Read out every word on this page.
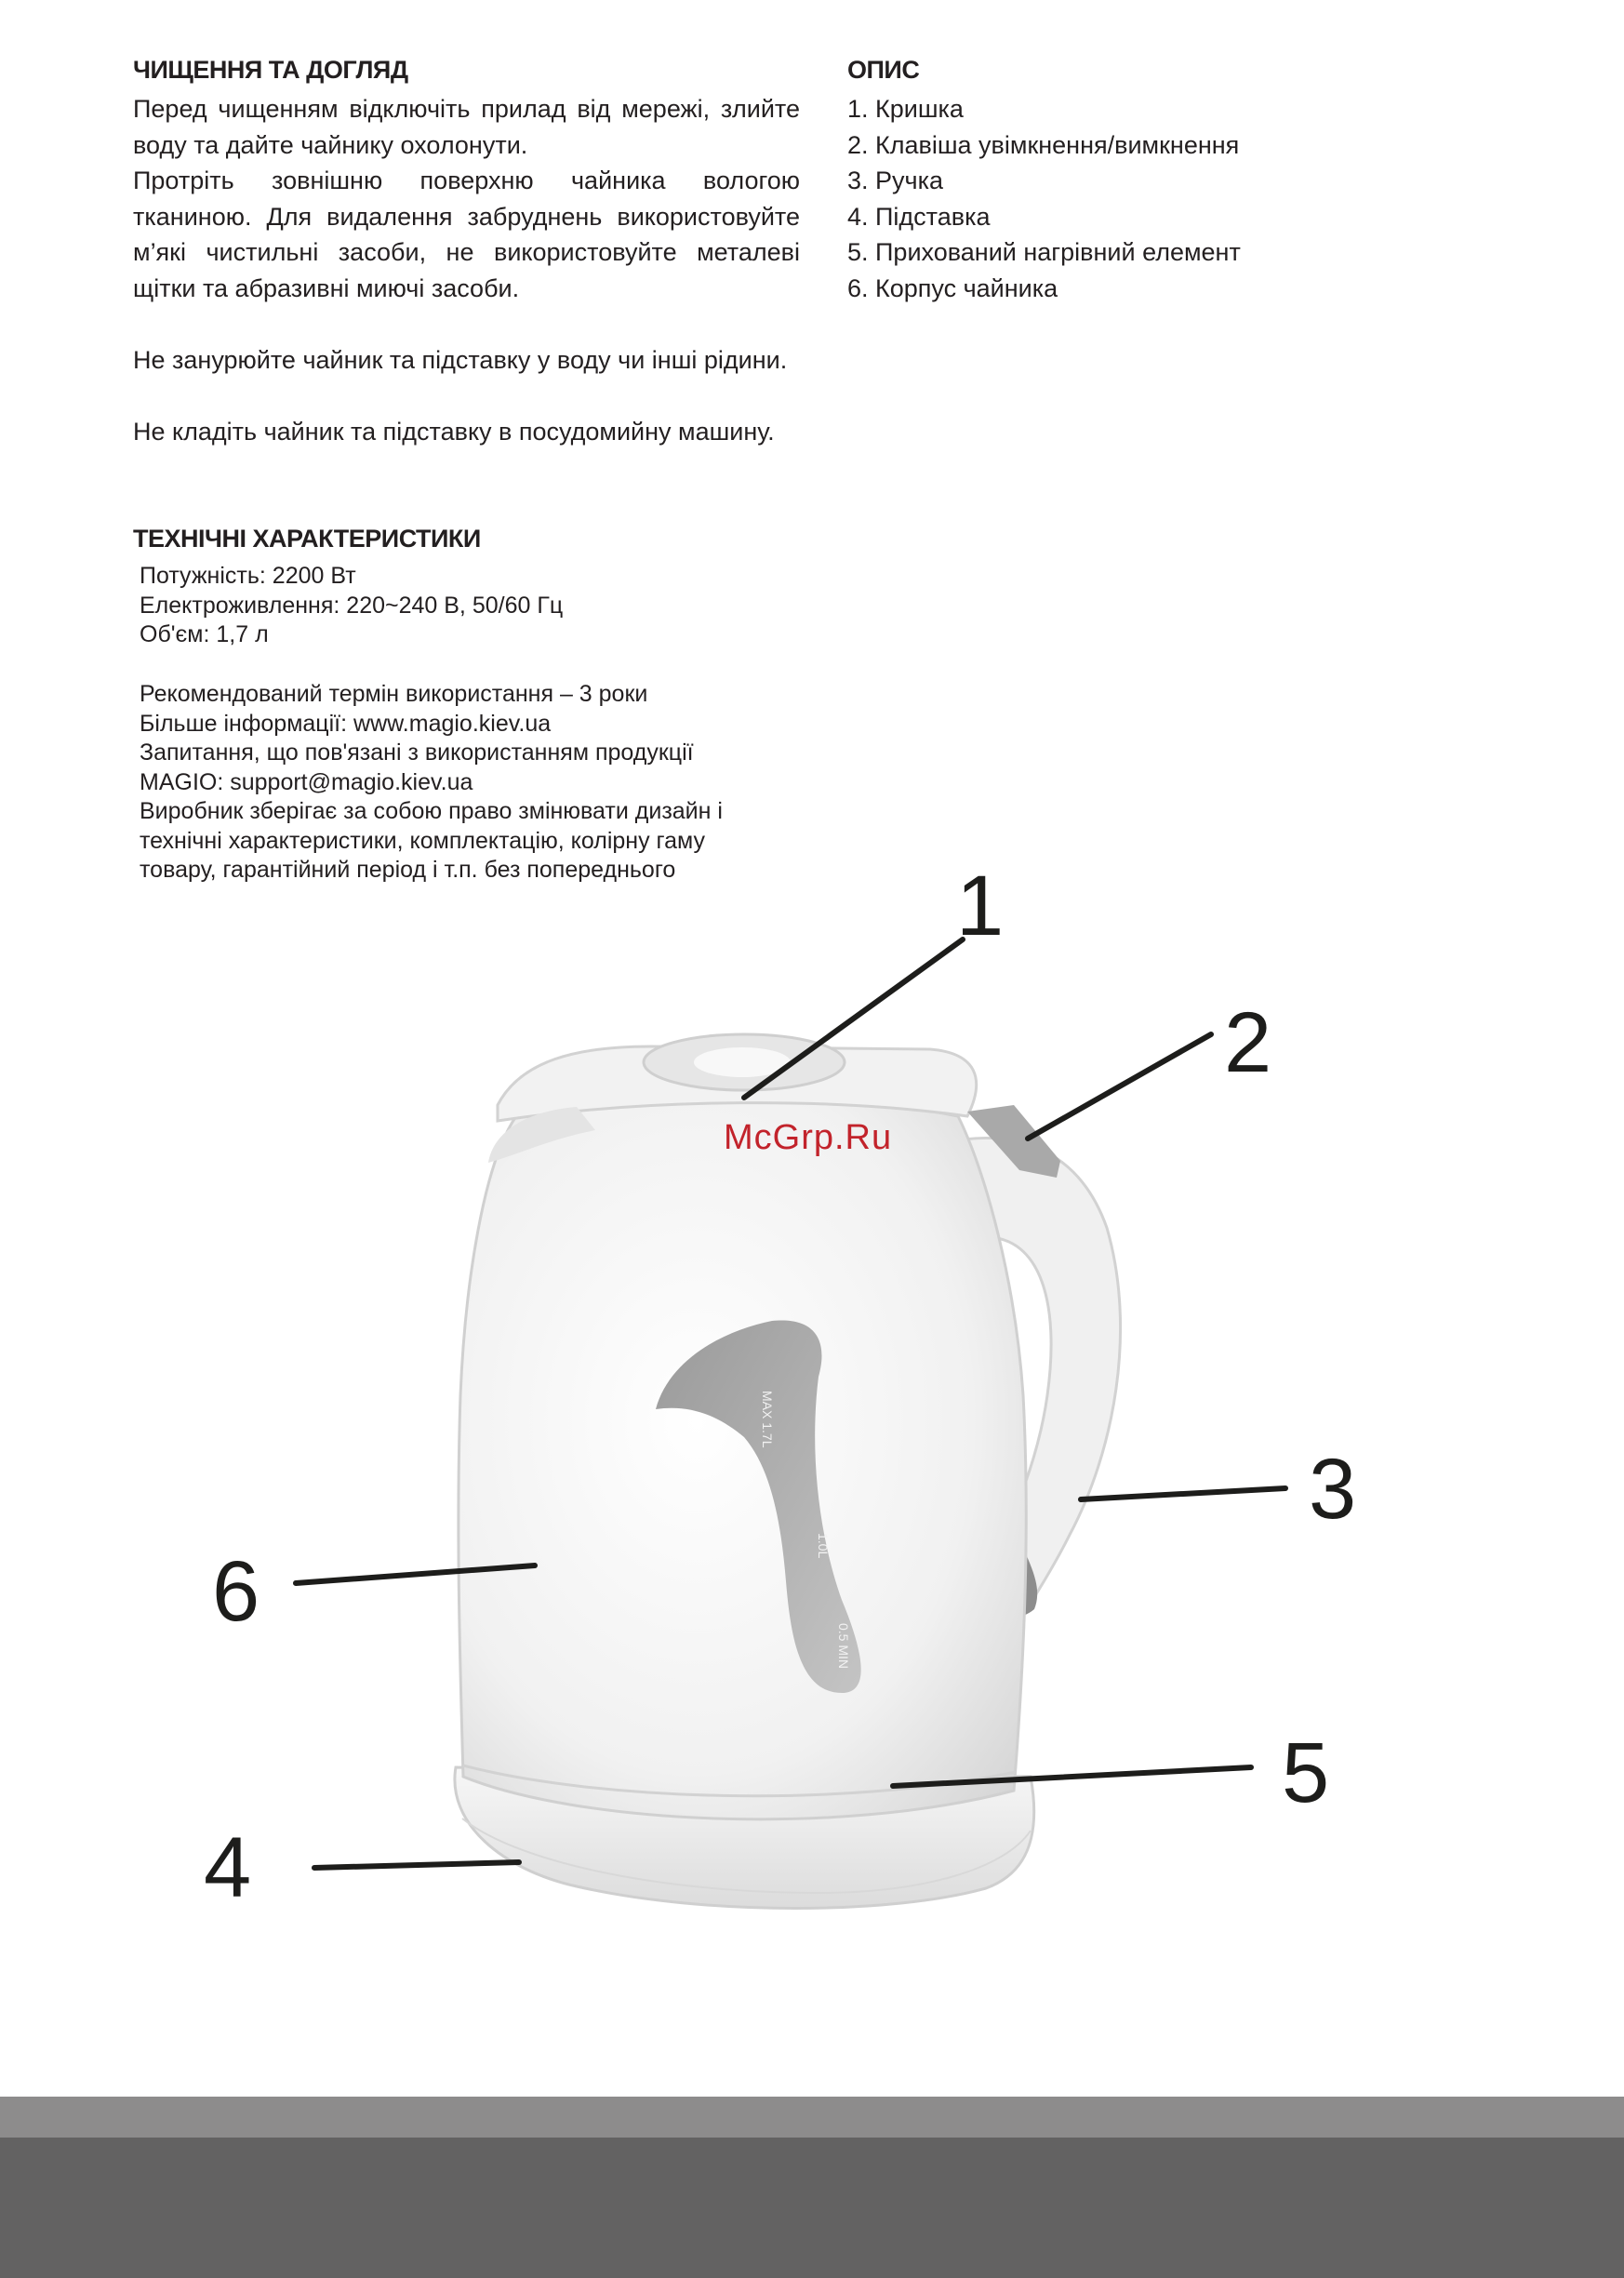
ЧИЩЕННЯ ТА ДОГЛЯД

Перед чищенням відключіть прилад від мережі, злийте воду та дайте чайнику охолонути.

Протріть зовнішню поверхню чайника вологою тканиною. Для видалення забруднень використовуйте м’які чистильні засоби, не використовуйте металеві щітки та абразивні миючі засоби.

Не занурюйте чайник та підставку у воду чи інші рідини.

Не кладіть чайник та підставку в посудомийну машину.

ТЕХНІЧНІ ХАРАКТЕРИСТИКИ
Потужність: 2200 Вт
Електроживлення: 220~240 В, 50/60 Гц
Об'єм: 1,7 л
Рекомендований термін використання – 3 роки
Більше інформації: www.magio.kiev.ua
Запитання, що пов'язані з використанням продукції
MAGIO: support@magio.kiev.ua
Виробник зберігає за собою право змінювати дизайн і
технічні характеристики, комплектацію, колірну гаму
товару, гарантійний період і т.п. без попереднього
ОПИС
1. Кришка
2. Клавіша увімкнення/вимкнення
3. Ручка
4. Підставка
5. Прихований нагрівний елемент
6. Корпус чайника
MAX 1.7L
1.0L
0.5 MIN
1
2
3
4
5
6
McGrp.Ru
